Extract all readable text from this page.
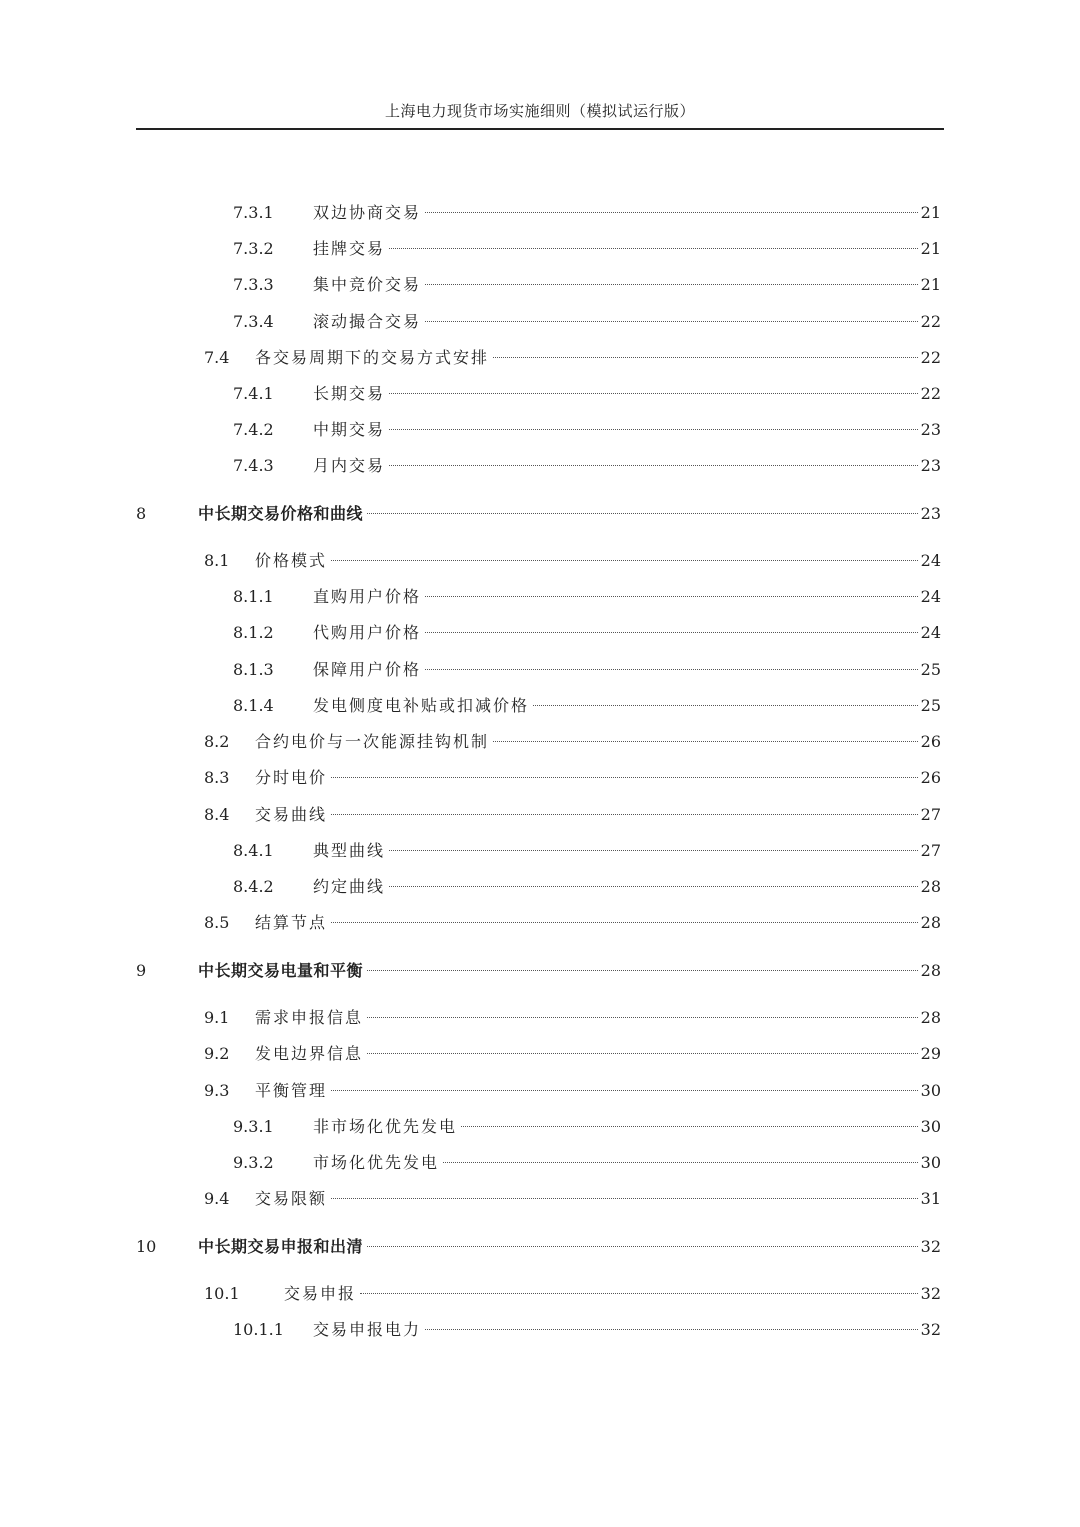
上海电力现货市场实施细则（模拟试运行版）
7.3.1 双边协商交易	21
7.3.2 挂牌交易	21
7.3.3 集中竞价交易	21
7.3.4 滚动撮合交易	22
7.4 各交易周期下的交易方式安排	22
7.4.1 长期交易	22
7.4.2 中期交易	23
7.4.3 月内交易	23
8	中长期交易价格和曲线	23
8.1 价格模式	24
8.1.1 直购用户价格	24
8.1.2 代购用户价格	24
8.1.3 保障用户价格	25
8.1.4 发电侧度电补贴或扣减价格	25
8.2 合约电价与一次能源挂钩机制	26
8.3 分时电价	26
8.4 交易曲线	27
8.4.1 典型曲线	27
8.4.2 约定曲线	28
8.5 结算节点	28
9	中长期交易电量和平衡	28
9.1 需求申报信息	28
9.2 发电边界信息	29
9.3 平衡管理	30
9.3.1 非市场化优先发电	30
9.3.2 市场化优先发电	30
9.4 交易限额	31
10	中长期交易申报和出清	32
10.1	交易申报	32
10.1.1 交易申报电力	32
